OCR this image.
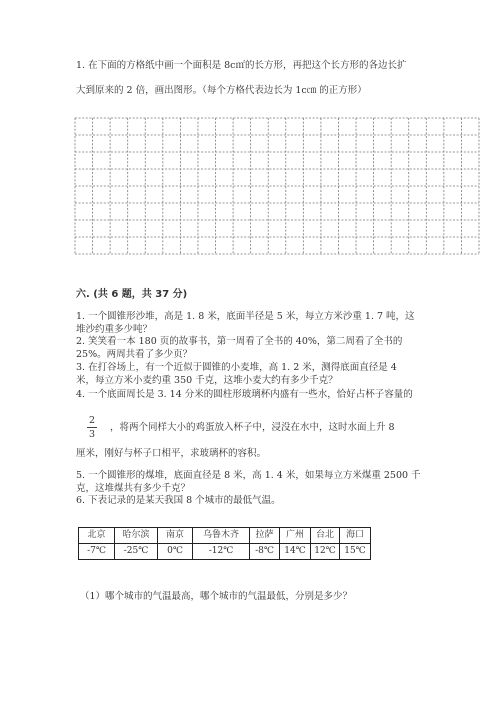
1. 在下面的方格纸中画一个面积是 8c㎡的长方形，再把这个长方形的各边长扩
大到原来的 2 倍，画出图形。（每个方格代表边长为 1c㎝ 的正方形）
六. (共 6 题，共 37 分)
1. 一个圆锥形沙堆，高是 1. 8 米，底面半径是 5 米，每立方米沙重 1. 7 吨，这
堆沙约重多少吨？
2. 笑笑看一本 180 页的故事书，第一周看了全书的 40%，第二周看了全书的
25%。两周共看了多少页？
3. 在打谷场上，有一个近似于圆锥的小麦堆，高 1. 2 米，测得底面直径是 4
米，每立方米小麦约重 350 千克，这堆小麦大约有多少千克？
4. 一个底面周长是 3. 14 分米的圆柱形玻璃杯内盛有一些水，恰好占杯子容量的
2
3
，将两个同样大小的鸡蛋放入杯子中，浸没在水中，这时水面上升 8
厘米，刚好与杯子口相平，求玻璃杯的容积。
5. 一个圆锥形的煤堆，底面直径是 8 米，高 1. 4 米，如果每立方米煤重 2500 千
克，这堆煤共有多少千克？
6. 下表记录的是某天我国 8 个城市的最低气温。
北京	哈尔滨	南京	乌鲁木齐	拉萨	广州	台北	海口
-7℃	-25℃	0℃	-12℃	-8℃	14℃	12℃	15℃
（1）哪个城市的气温最高，哪个城市的气温最低，分别是多少？
